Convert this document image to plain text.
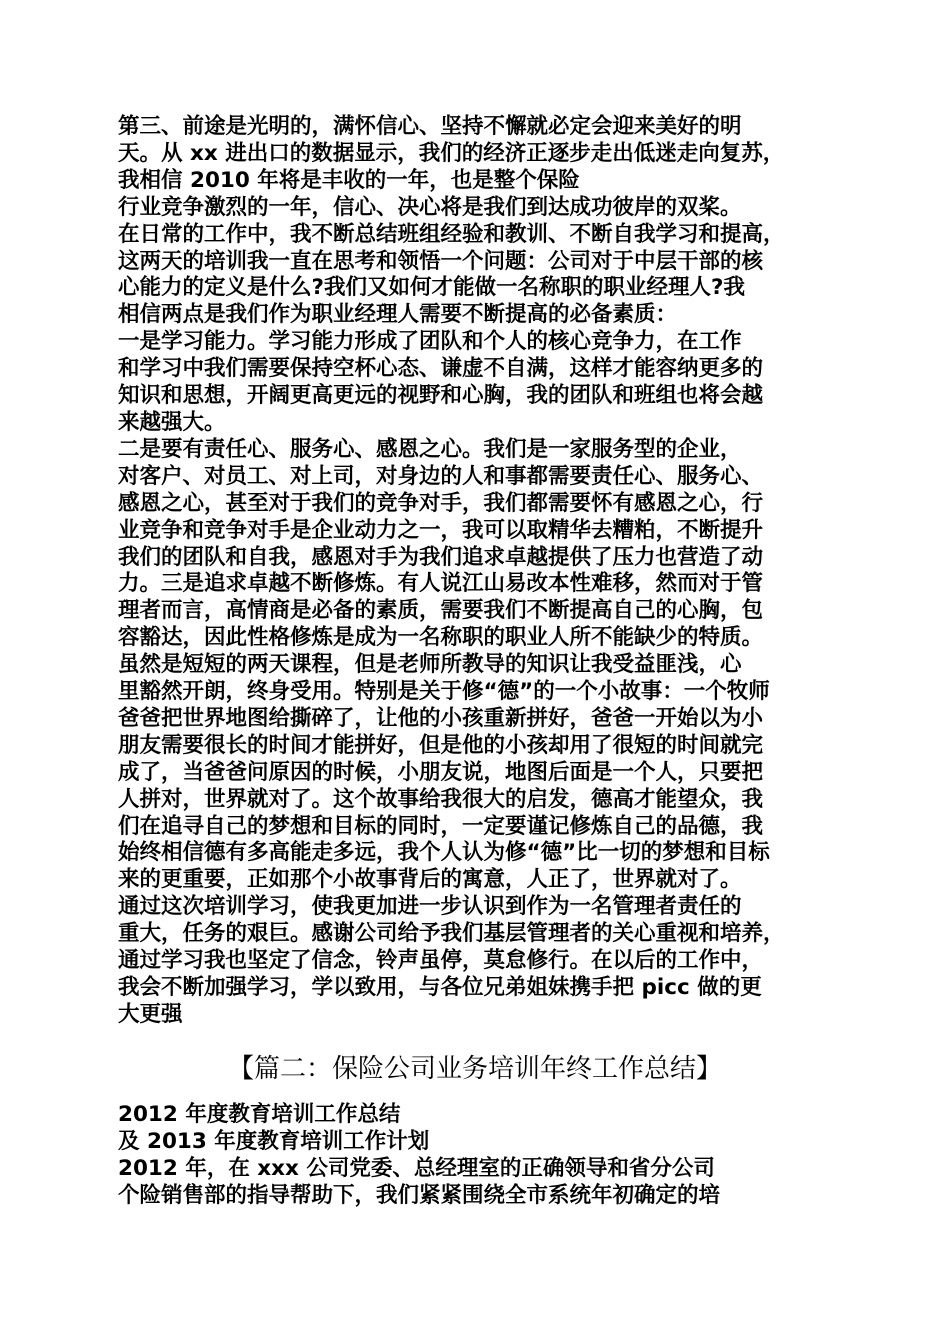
第三、前途是光明的，满怀信心、坚持不懈就必定会迎来美好的明
天。从 xx 进出口的数据显示，我们的经济正逐步走出低迷走向复苏，
我相信 2010 年将是丰收的一年，也是整个保险
行业竞争激烈的一年，信心、决心将是我们到达成功彼岸的双桨。
在日常的工作中，我不断总结班组经验和教训、不断自我学习和提高，
这两天的培训我一直在思考和领悟一个问题：公司对于中层干部的核
心能力的定义是什么?我们又如何才能做一名称职的职业经理人?我
相信两点是我们作为职业经理人需要不断提高的必备素质：
一是学习能力。学习能力形成了团队和个人的核心竞争力，在工作
和学习中我们需要保持空杯心态、谦虚不自满，这样才能容纳更多的
知识和思想，开阔更高更远的视野和心胸，我的团队和班组也将会越
来越强大。
二是要有责任心、服务心、感恩之心。我们是一家服务型的企业，
对客户、对员工、对上司，对身边的人和事都需要责任心、服务心、
感恩之心，甚至对于我们的竞争对手，我们都需要怀有感恩之心，行
业竞争和竞争对手是企业动力之一，我可以取精华去糟粕，不断提升
我们的团队和自我，感恩对手为我们追求卓越提供了压力也营造了动
力。三是追求卓越不断修炼。有人说江山易改本性难移，然而对于管
理者而言，高情商是必备的素质，需要我们不断提高自己的心胸，包
容豁达，因此性格修炼是成为一名称职的职业人所不能缺少的特质。
虽然是短短的两天课程，但是老师所教导的知识让我受益匪浅，心
里豁然开朗，终身受用。特别是关于修“德”的一个小故事：一个牧师
爸爸把世界地图给撕碎了，让他的小孩重新拼好，爸爸一开始以为小
朋友需要很长的时间才能拼好，但是他的小孩却用了很短的时间就完
成了，当爸爸问原因的时候，小朋友说，地图后面是一个人，只要把
人拼对，世界就对了。这个故事给我很大的启发，德高才能望众，我
们在追寻自己的梦想和目标的同时，一定要谨记修炼自己的品德，我
始终相信德有多高能走多远，我个人认为修“德”比一切的梦想和目标
来的更重要，正如那个小故事背后的寓意，人正了，世界就对了。
通过这次培训学习，使我更加进一步认识到作为一名管理者责任的
重大，任务的艰巨。感谢公司给予我们基层管理者的关心重视和培养，
通过学习我也坚定了信念，铃声虽停，莫怠修行。在以后的工作中，
我会不断加强学习，学以致用，与各位兄弟姐妹携手把 picc 做的更
大更强
【篇二：保险公司业务培训年终工作总结】
2012 年度教育培训工作总结
及 2013 年度教育培训工作计划
2012 年，在 xxx 公司党委、总经理室的正确领导和省分公司
个险销售部的指导帮助下，我们紧紧围绕全市系统年初确定的培
